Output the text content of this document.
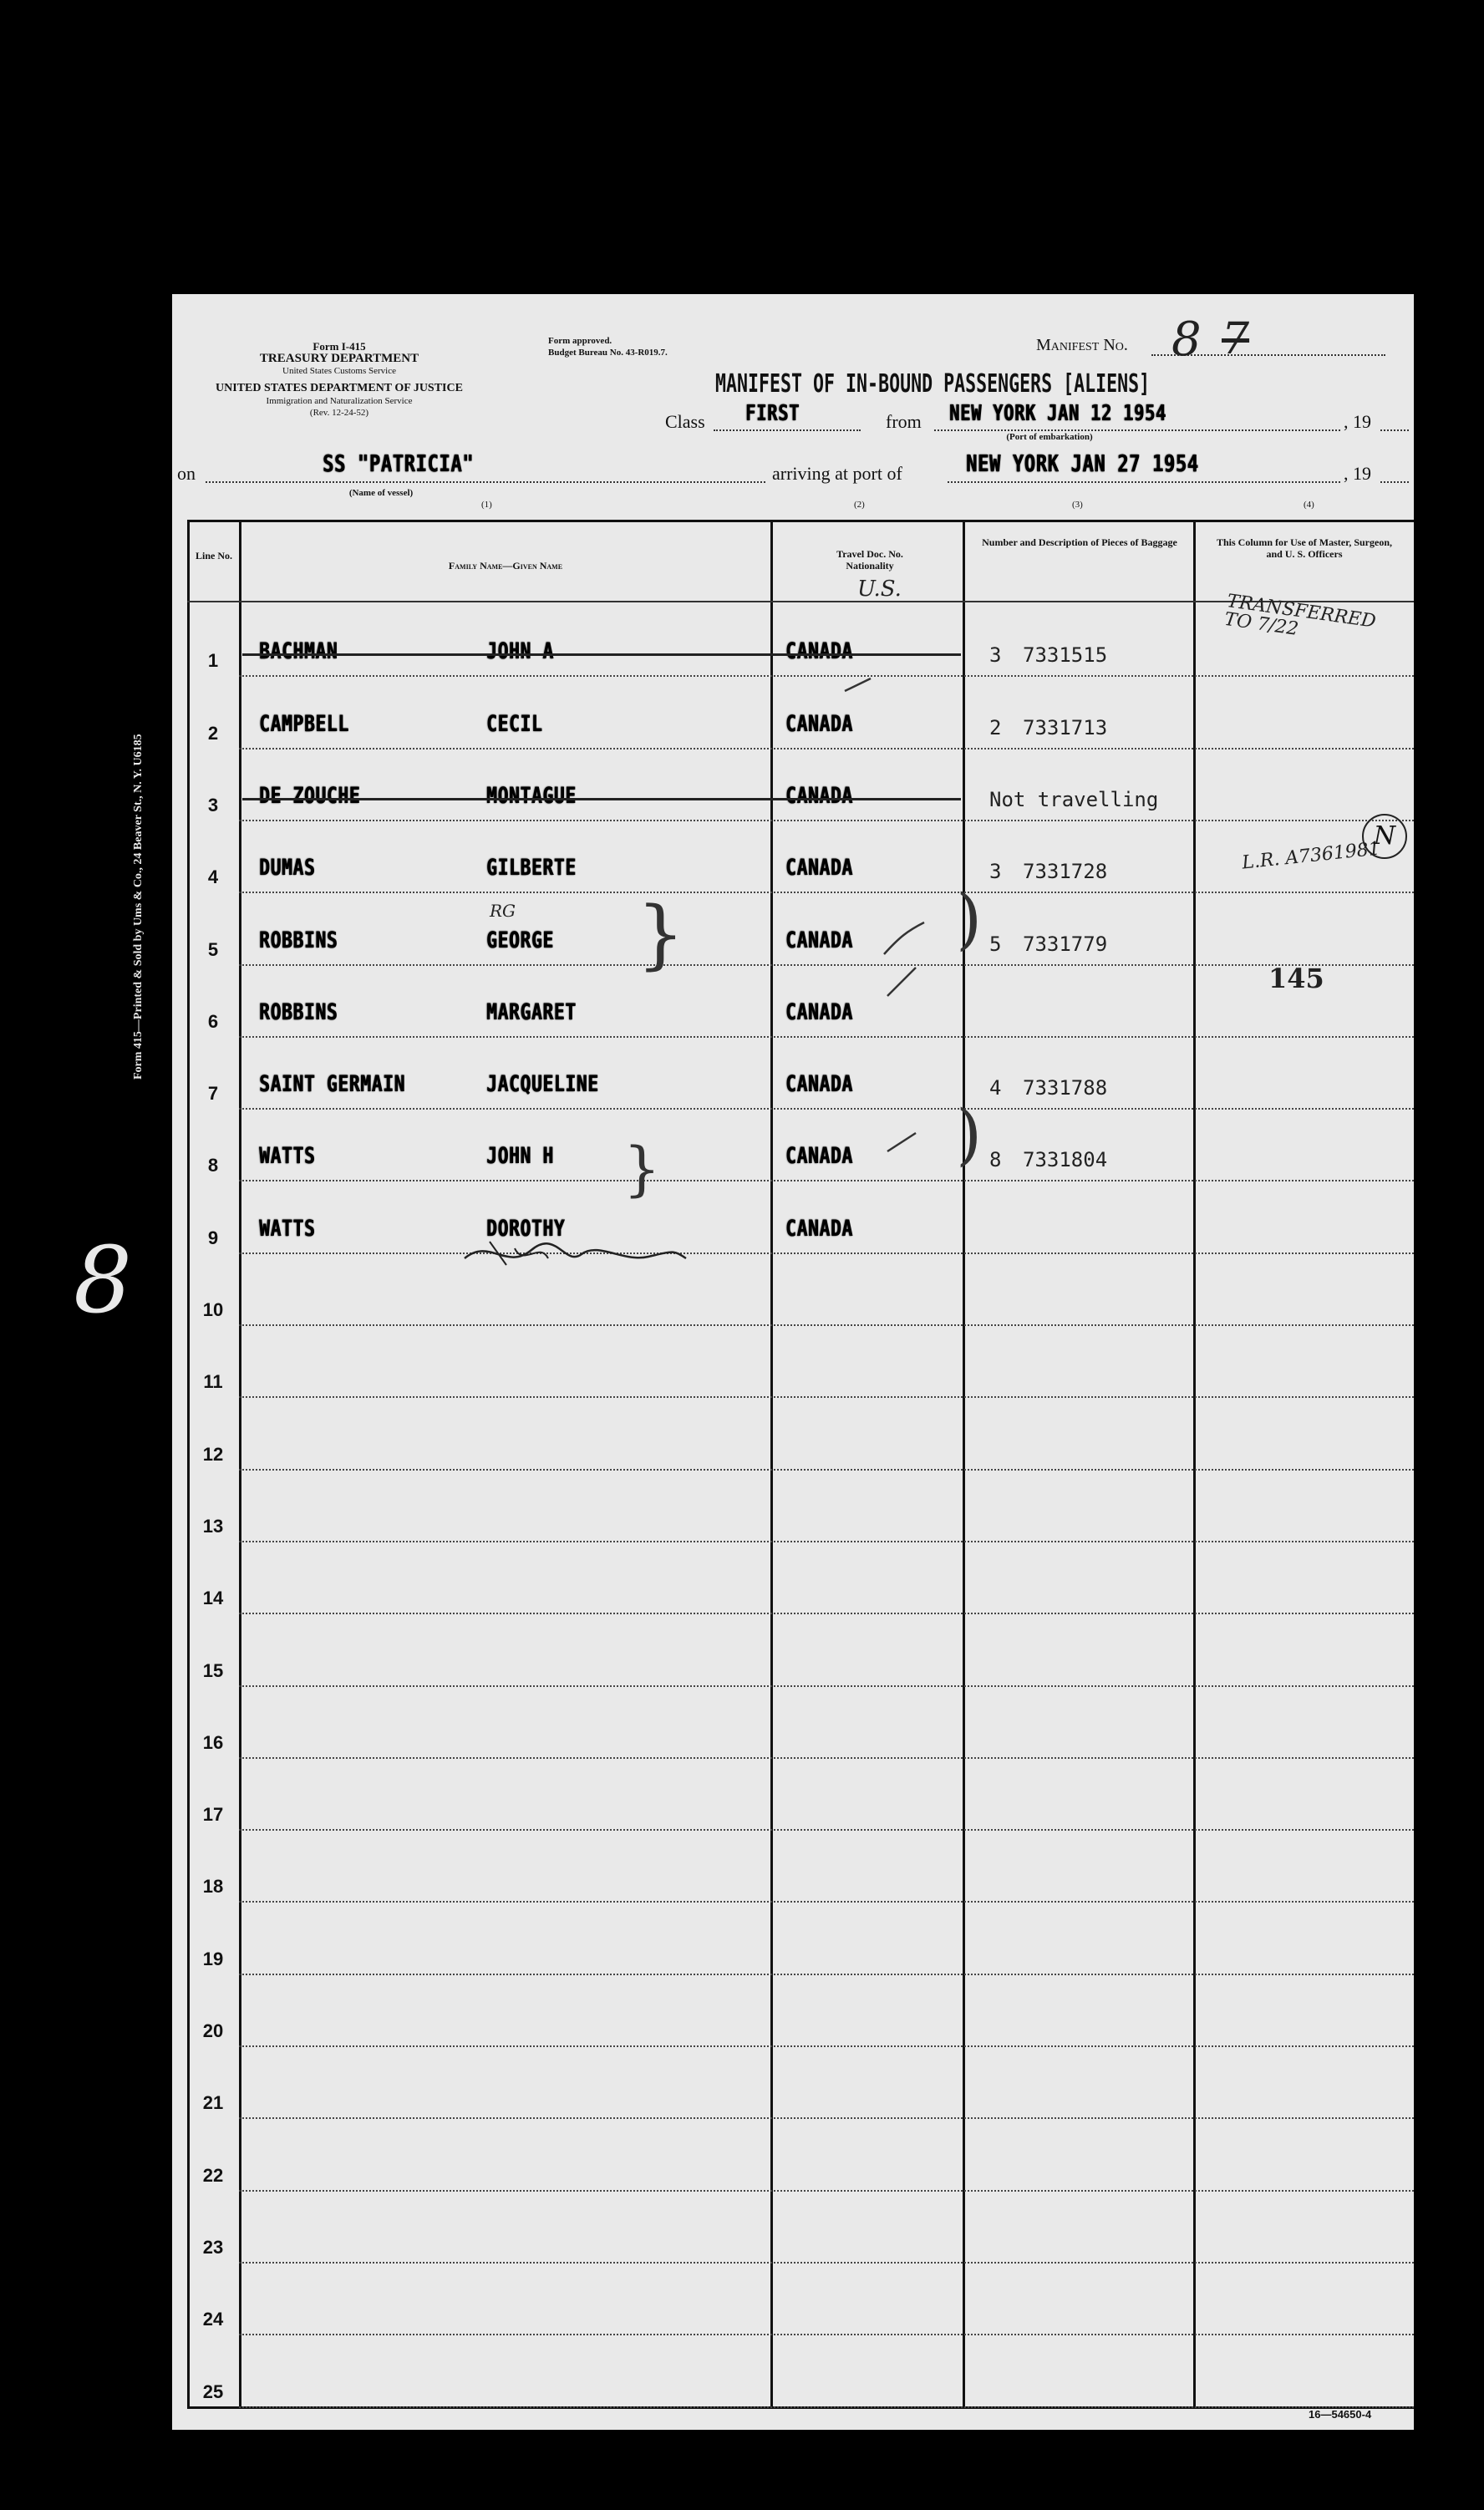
Form I-415
TREASURY DEPARTMENT
United States Customs Service
UNITED STATES DEPARTMENT OF JUSTICE
Immigration and Naturalization Service
(Rev. 12-24-52)
Form approved.
Budget Bureau No. 43-R019.7.	Manifest No. 8 7
MANIFEST OF IN-BOUND PASSENGERS [ALIENS]
Class FIRST	from NEW YORK JAN 12 1954	, 19
(Port of embarkation)
on	SS "PATRICIA"
(Name of vessel)
arriving at port of	NEW YORK JAN 27 1954	, 19
(1)	(2)	(3)	(4)
Line No.
Family Name—Given Name
Travel Doc. No. Nationality
Number and Description of Pieces of Baggage	This Column for Use of Master, Surgeon, and U. S. Officers
1	BACHMAN	JOHN A	CANADA	3 7331515
2	CAMPBELL	CECIL	CANADA	2 7331713
3	DE ZOUCHE	MONTAGUE	CANADA	Not travelling
4	DUMAS	GILBERTE	CANADA	3 7331728
5	ROBBINS	GEORGE	CANADA	5 7331779
6	ROBBINS	MARGARET	CANADA
7	SAINT GERMAIN	JACQUELINE	CANADA	4 7331788
8	WATTS	JOHN H	CANADA	8 7331804
9	WATTS	DOROTHY	CANADA
10
11
12
13
14
15
16
17
18
19
20
21
22
23
24
25
U.S.
TRANSFERRED TO 7/22
L.R. A7361981
N
145
RG }
}
)
)
16—54650-4
Form 415—Printed & Sold by Ums & Co., 24 Beaver St., N. Y. U6185
8
